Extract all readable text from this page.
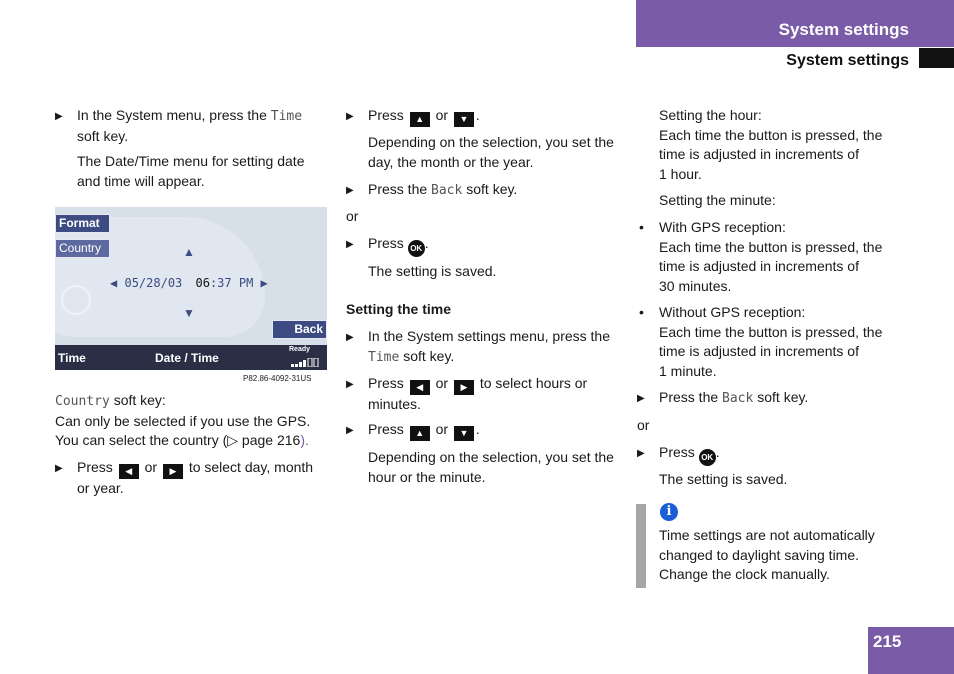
System settings
System settings
215
▶ In the System menu, press the Time
soft key.
The Date/Time menu for setting date and time will appear.
Format
Country	▲
◀ 05/28/03 06:37 PM ▶
▼
Back
Time	Date / Time
Ready
P82.86-4092-31US
Country soft key:
Can only be selected if you use the GPS.
You can select the country (▷ page 216).
▶ Press ◀ or ▶ to select day, month or year.
▶ Press ▲ or ▼ .
Depending on the selection, you set the day, the month or the year.
▶ Press the Back soft key.
or
▶ Press OK .
The setting is saved.
Setting the time
▶ In the System settings menu, press the
Time soft key.
▶ Press ◀ or ▶ to select hours or minutes.
▶ Press ▲ or ▼ .
Depending on the selection, you set the hour or the minute.
Setting the hour:
Each time the button is pressed, the time is adjusted in increments of
1 hour.
Setting the minute:
• With GPS reception:
Each time the button is pressed, the time is adjusted in increments of
30 minutes.
• Without GPS reception:
Each time the button is pressed, the time is adjusted in increments of
1 minute.
▶ Press the Back soft key.
or
▶ Press OK .
The setting is saved.
i
Time settings are not automatically changed to daylight saving time. Change the clock manually.
